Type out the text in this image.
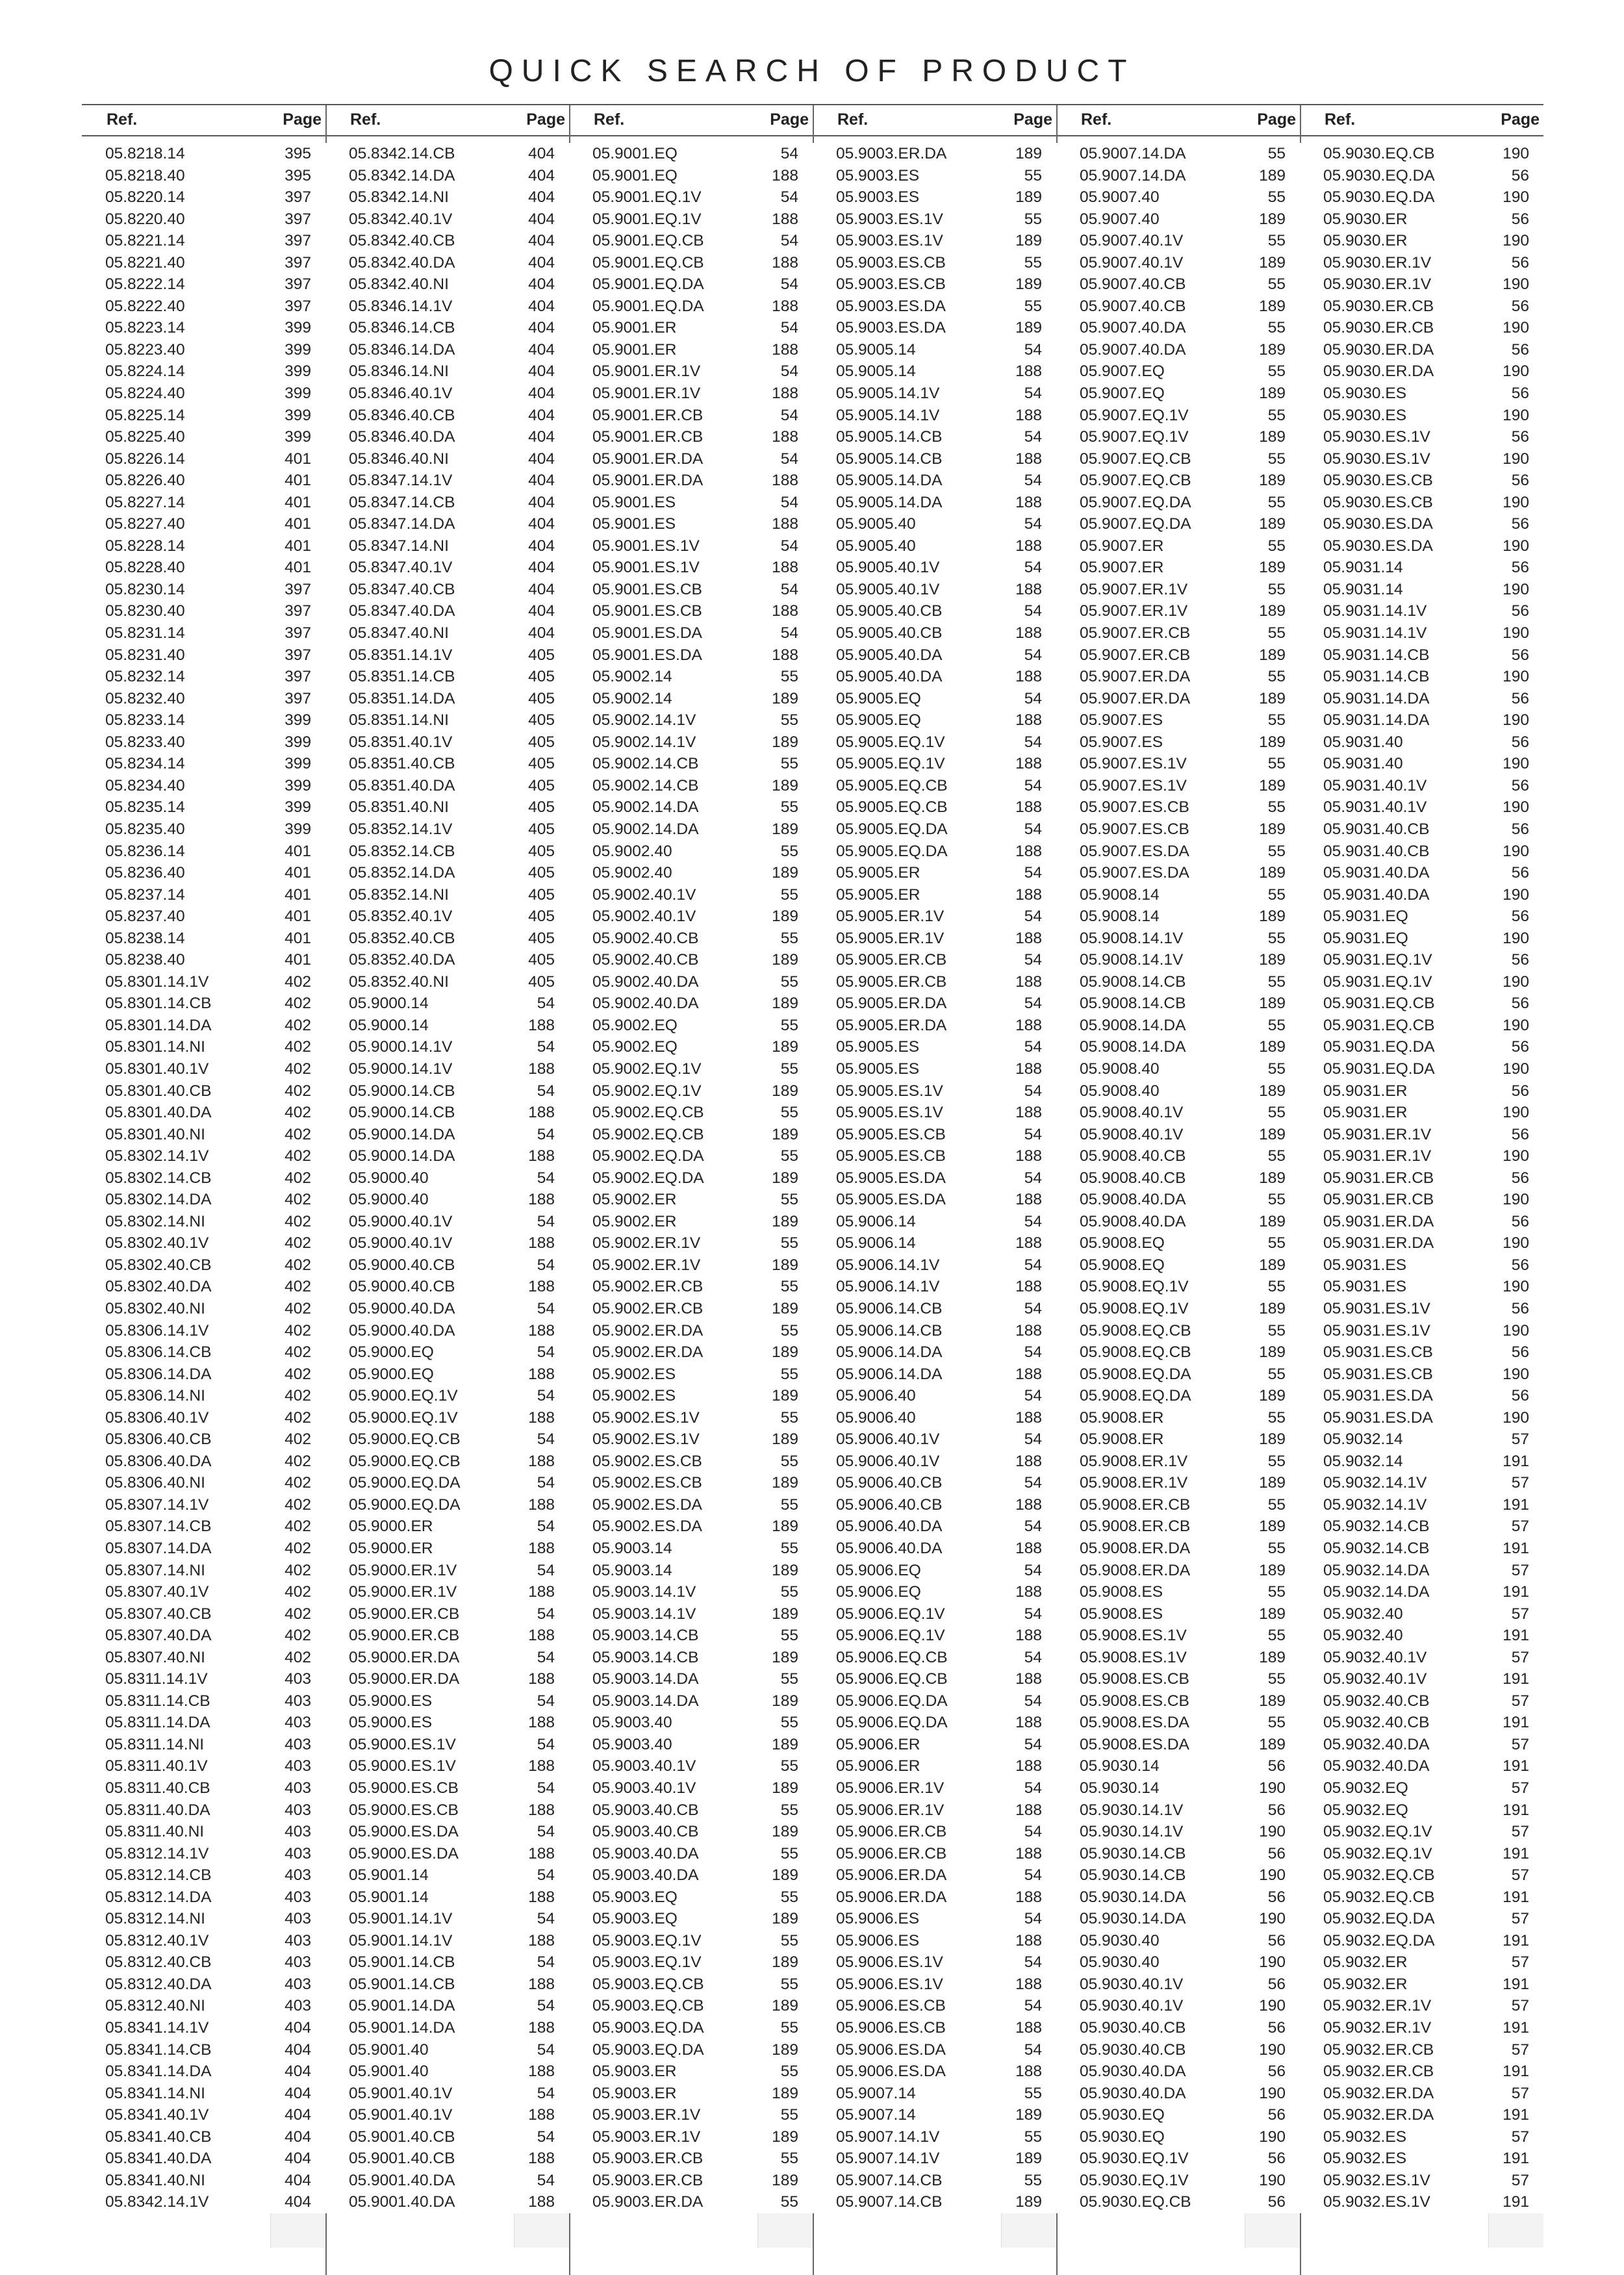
QUICK SEARCH OF PRODUCT
Ref.	Page
05.8218.14	395
05.8218.40	395
05.8220.14	397
05.8220.40	397
05.8221.14	397
05.8221.40	397
05.8222.14	397
05.8222.40	397
05.8223.14	399
05.8223.40	399
05.8224.14	399
05.8224.40	399
05.8225.14	399
05.8225.40	399
05.8226.14	401
05.8226.40	401
05.8227.14	401
05.8227.40	401
05.8228.14	401
05.8228.40	401
05.8230.14	397
05.8230.40	397
05.8231.14	397
05.8231.40	397
05.8232.14	397
05.8232.40	397
05.8233.14	399
05.8233.40	399
05.8234.14	399
05.8234.40	399
05.8235.14	399
05.8235.40	399
05.8236.14	401
05.8236.40	401
05.8237.14	401
05.8237.40	401
05.8238.14	401
05.8238.40	401
05.8301.14.1V	402
05.8301.14.CB	402
05.8301.14.DA	402
05.8301.14.NI	402
05.8301.40.1V	402
05.8301.40.CB	402
05.8301.40.DA	402
05.8301.40.NI	402
05.8302.14.1V	402
05.8302.14.CB	402
05.8302.14.DA	402
05.8302.14.NI	402
05.8302.40.1V	402
05.8302.40.CB	402
05.8302.40.DA	402
05.8302.40.NI	402
05.8306.14.1V	402
05.8306.14.CB	402
05.8306.14.DA	402
05.8306.14.NI	402
05.8306.40.1V	402
05.8306.40.CB	402
05.8306.40.DA	402
05.8306.40.NI	402
05.8307.14.1V	402
05.8307.14.CB	402
05.8307.14.DA	402
05.8307.14.NI	402
05.8307.40.1V	402
05.8307.40.CB	402
05.8307.40.DA	402
05.8307.40.NI	402
05.8311.14.1V	403
05.8311.14.CB	403
05.8311.14.DA	403
05.8311.14.NI	403
05.8311.40.1V	403
05.8311.40.CB	403
05.8311.40.DA	403
05.8311.40.NI	403
05.8312.14.1V	403
05.8312.14.CB	403
05.8312.14.DA	403
05.8312.14.NI	403
05.8312.40.1V	403
05.8312.40.CB	403
05.8312.40.DA	403
05.8312.40.NI	403
05.8341.14.1V	404
05.8341.14.CB	404
05.8341.14.DA	404
05.8341.14.NI	404
05.8341.40.1V	404
05.8341.40.CB	404
05.8341.40.DA	404
05.8341.40.NI	404
05.8342.14.1V	404
Ref.	Page
05.8342.14.CB	404
05.8342.14.DA	404
05.8342.14.NI	404
05.8342.40.1V	404
05.8342.40.CB	404
05.8342.40.DA	404
05.8342.40.NI	404
05.8346.14.1V	404
05.8346.14.CB	404
05.8346.14.DA	404
05.8346.14.NI	404
05.8346.40.1V	404
05.8346.40.CB	404
05.8346.40.DA	404
05.8346.40.NI	404
05.8347.14.1V	404
05.8347.14.CB	404
05.8347.14.DA	404
05.8347.14.NI	404
05.8347.40.1V	404
05.8347.40.CB	404
05.8347.40.DA	404
05.8347.40.NI	404
05.8351.14.1V	405
05.8351.14.CB	405
05.8351.14.DA	405
05.8351.14.NI	405
05.8351.40.1V	405
05.8351.40.CB	405
05.8351.40.DA	405
05.8351.40.NI	405
05.8352.14.1V	405
05.8352.14.CB	405
05.8352.14.DA	405
05.8352.14.NI	405
05.8352.40.1V	405
05.8352.40.CB	405
05.8352.40.DA	405
05.8352.40.NI	405
05.9000.14	54
05.9000.14	188
05.9000.14.1V	54
05.9000.14.1V	188
05.9000.14.CB	54
05.9000.14.CB	188
05.9000.14.DA	54
05.9000.14.DA	188
05.9000.40	54
05.9000.40	188
05.9000.40.1V	54
05.9000.40.1V	188
05.9000.40.CB	54
05.9000.40.CB	188
05.9000.40.DA	54
05.9000.40.DA	188
05.9000.EQ	54
05.9000.EQ	188
05.9000.EQ.1V	54
05.9000.EQ.1V	188
05.9000.EQ.CB	54
05.9000.EQ.CB	188
05.9000.EQ.DA	54
05.9000.EQ.DA	188
05.9000.ER	54
05.9000.ER	188
05.9000.ER.1V	54
05.9000.ER.1V	188
05.9000.ER.CB	54
05.9000.ER.CB	188
05.9000.ER.DA	54
05.9000.ER.DA	188
05.9000.ES	54
05.9000.ES	188
05.9000.ES.1V	54
05.9000.ES.1V	188
05.9000.ES.CB	54
05.9000.ES.CB	188
05.9000.ES.DA	54
05.9000.ES.DA	188
05.9001.14	54
05.9001.14	188
05.9001.14.1V	54
05.9001.14.1V	188
05.9001.14.CB	54
05.9001.14.CB	188
05.9001.14.DA	54
05.9001.14.DA	188
05.9001.40	54
05.9001.40	188
05.9001.40.1V	54
05.9001.40.1V	188
05.9001.40.CB	54
05.9001.40.CB	188
05.9001.40.DA	54
05.9001.40.DA	188
Ref.	Page
05.9001.EQ	54
05.9001.EQ	188
05.9001.EQ.1V	54
05.9001.EQ.1V	188
05.9001.EQ.CB	54
05.9001.EQ.CB	188
05.9001.EQ.DA	54
05.9001.EQ.DA	188
05.9001.ER	54
05.9001.ER	188
05.9001.ER.1V	54
05.9001.ER.1V	188
05.9001.ER.CB	54
05.9001.ER.CB	188
05.9001.ER.DA	54
05.9001.ER.DA	188
05.9001.ES	54
05.9001.ES	188
05.9001.ES.1V	54
05.9001.ES.1V	188
05.9001.ES.CB	54
05.9001.ES.CB	188
05.9001.ES.DA	54
05.9001.ES.DA	188
05.9002.14	55
05.9002.14	189
05.9002.14.1V	55
05.9002.14.1V	189
05.9002.14.CB	55
05.9002.14.CB	189
05.9002.14.DA	55
05.9002.14.DA	189
05.9002.40	55
05.9002.40	189
05.9002.40.1V	55
05.9002.40.1V	189
05.9002.40.CB	55
05.9002.40.CB	189
05.9002.40.DA	55
05.9002.40.DA	189
05.9002.EQ	55
05.9002.EQ	189
05.9002.EQ.1V	55
05.9002.EQ.1V	189
05.9002.EQ.CB	55
05.9002.EQ.CB	189
05.9002.EQ.DA	55
05.9002.EQ.DA	189
05.9002.ER	55
05.9002.ER	189
05.9002.ER.1V	55
05.9002.ER.1V	189
05.9002.ER.CB	55
05.9002.ER.CB	189
05.9002.ER.DA	55
05.9002.ER.DA	189
05.9002.ES	55
05.9002.ES	189
05.9002.ES.1V	55
05.9002.ES.1V	189
05.9002.ES.CB	55
05.9002.ES.CB	189
05.9002.ES.DA	55
05.9002.ES.DA	189
05.9003.14	55
05.9003.14	189
05.9003.14.1V	55
05.9003.14.1V	189
05.9003.14.CB	55
05.9003.14.CB	189
05.9003.14.DA	55
05.9003.14.DA	189
05.9003.40	55
05.9003.40	189
05.9003.40.1V	55
05.9003.40.1V	189
05.9003.40.CB	55
05.9003.40.CB	189
05.9003.40.DA	55
05.9003.40.DA	189
05.9003.EQ	55
05.9003.EQ	189
05.9003.EQ.1V	55
05.9003.EQ.1V	189
05.9003.EQ.CB	55
05.9003.EQ.CB	189
05.9003.EQ.DA	55
05.9003.EQ.DA	189
05.9003.ER	55
05.9003.ER	189
05.9003.ER.1V	55
05.9003.ER.1V	189
05.9003.ER.CB	55
05.9003.ER.CB	189
05.9003.ER.DA	55
Ref.	Page
05.9003.ER.DA	189
05.9003.ES	55
05.9003.ES	189
05.9003.ES.1V	55
05.9003.ES.1V	189
05.9003.ES.CB	55
05.9003.ES.CB	189
05.9003.ES.DA	55
05.9003.ES.DA	189
05.9005.14	54
05.9005.14	188
05.9005.14.1V	54
05.9005.14.1V	188
05.9005.14.CB	54
05.9005.14.CB	188
05.9005.14.DA	54
05.9005.14.DA	188
05.9005.40	54
05.9005.40	188
05.9005.40.1V	54
05.9005.40.1V	188
05.9005.40.CB	54
05.9005.40.CB	188
05.9005.40.DA	54
05.9005.40.DA	188
05.9005.EQ	54
05.9005.EQ	188
05.9005.EQ.1V	54
05.9005.EQ.1V	188
05.9005.EQ.CB	54
05.9005.EQ.CB	188
05.9005.EQ.DA	54
05.9005.EQ.DA	188
05.9005.ER	54
05.9005.ER	188
05.9005.ER.1V	54
05.9005.ER.1V	188
05.9005.ER.CB	54
05.9005.ER.CB	188
05.9005.ER.DA	54
05.9005.ER.DA	188
05.9005.ES	54
05.9005.ES	188
05.9005.ES.1V	54
05.9005.ES.1V	188
05.9005.ES.CB	54
05.9005.ES.CB	188
05.9005.ES.DA	54
05.9005.ES.DA	188
05.9006.14	54
05.9006.14	188
05.9006.14.1V	54
05.9006.14.1V	188
05.9006.14.CB	54
05.9006.14.CB	188
05.9006.14.DA	54
05.9006.14.DA	188
05.9006.40	54
05.9006.40	188
05.9006.40.1V	54
05.9006.40.1V	188
05.9006.40.CB	54
05.9006.40.CB	188
05.9006.40.DA	54
05.9006.40.DA	188
05.9006.EQ	54
05.9006.EQ	188
05.9006.EQ.1V	54
05.9006.EQ.1V	188
05.9006.EQ.CB	54
05.9006.EQ.CB	188
05.9006.EQ.DA	54
05.9006.EQ.DA	188
05.9006.ER	54
05.9006.ER	188
05.9006.ER.1V	54
05.9006.ER.1V	188
05.9006.ER.CB	54
05.9006.ER.CB	188
05.9006.ER.DA	54
05.9006.ER.DA	188
05.9006.ES	54
05.9006.ES	188
05.9006.ES.1V	54
05.9006.ES.1V	188
05.9006.ES.CB	54
05.9006.ES.CB	188
05.9006.ES.DA	54
05.9006.ES.DA	188
05.9007.14	55
05.9007.14	189
05.9007.14.1V	55
05.9007.14.1V	189
05.9007.14.CB	55
05.9007.14.CB	189
Ref.	Page
05.9007.14.DA	55
05.9007.14.DA	189
05.9007.40	55
05.9007.40	189
05.9007.40.1V	55
05.9007.40.1V	189
05.9007.40.CB	55
05.9007.40.CB	189
05.9007.40.DA	55
05.9007.40.DA	189
05.9007.EQ	55
05.9007.EQ	189
05.9007.EQ.1V	55
05.9007.EQ.1V	189
05.9007.EQ.CB	55
05.9007.EQ.CB	189
05.9007.EQ.DA	55
05.9007.EQ.DA	189
05.9007.ER	55
05.9007.ER	189
05.9007.ER.1V	55
05.9007.ER.1V	189
05.9007.ER.CB	55
05.9007.ER.CB	189
05.9007.ER.DA	55
05.9007.ER.DA	189
05.9007.ES	55
05.9007.ES	189
05.9007.ES.1V	55
05.9007.ES.1V	189
05.9007.ES.CB	55
05.9007.ES.CB	189
05.9007.ES.DA	55
05.9007.ES.DA	189
05.9008.14	55
05.9008.14	189
05.9008.14.1V	55
05.9008.14.1V	189
05.9008.14.CB	55
05.9008.14.CB	189
05.9008.14.DA	55
05.9008.14.DA	189
05.9008.40	55
05.9008.40	189
05.9008.40.1V	55
05.9008.40.1V	189
05.9008.40.CB	55
05.9008.40.CB	189
05.9008.40.DA	55
05.9008.40.DA	189
05.9008.EQ	55
05.9008.EQ	189
05.9008.EQ.1V	55
05.9008.EQ.1V	189
05.9008.EQ.CB	55
05.9008.EQ.CB	189
05.9008.EQ.DA	55
05.9008.EQ.DA	189
05.9008.ER	55
05.9008.ER	189
05.9008.ER.1V	55
05.9008.ER.1V	189
05.9008.ER.CB	55
05.9008.ER.CB	189
05.9008.ER.DA	55
05.9008.ER.DA	189
05.9008.ES	55
05.9008.ES	189
05.9008.ES.1V	55
05.9008.ES.1V	189
05.9008.ES.CB	55
05.9008.ES.CB	189
05.9008.ES.DA	55
05.9008.ES.DA	189
05.9030.14	56
05.9030.14	190
05.9030.14.1V	56
05.9030.14.1V	190
05.9030.14.CB	56
05.9030.14.CB	190
05.9030.14.DA	56
05.9030.14.DA	190
05.9030.40	56
05.9030.40	190
05.9030.40.1V	56
05.9030.40.1V	190
05.9030.40.CB	56
05.9030.40.CB	190
05.9030.40.DA	56
05.9030.40.DA	190
05.9030.EQ	56
05.9030.EQ	190
05.9030.EQ.1V	56
05.9030.EQ.1V	190
05.9030.EQ.CB	56
Ref.	Page
05.9030.EQ.CB	190
05.9030.EQ.DA	56
05.9030.EQ.DA	190
05.9030.ER	56
05.9030.ER	190
05.9030.ER.1V	56
05.9030.ER.1V	190
05.9030.ER.CB	56
05.9030.ER.CB	190
05.9030.ER.DA	56
05.9030.ER.DA	190
05.9030.ES	56
05.9030.ES	190
05.9030.ES.1V	56
05.9030.ES.1V	190
05.9030.ES.CB	56
05.9030.ES.CB	190
05.9030.ES.DA	56
05.9030.ES.DA	190
05.9031.14	56
05.9031.14	190
05.9031.14.1V	56
05.9031.14.1V	190
05.9031.14.CB	56
05.9031.14.CB	190
05.9031.14.DA	56
05.9031.14.DA	190
05.9031.40	56
05.9031.40	190
05.9031.40.1V	56
05.9031.40.1V	190
05.9031.40.CB	56
05.9031.40.CB	190
05.9031.40.DA	56
05.9031.40.DA	190
05.9031.EQ	56
05.9031.EQ	190
05.9031.EQ.1V	56
05.9031.EQ.1V	190
05.9031.EQ.CB	56
05.9031.EQ.CB	190
05.9031.EQ.DA	56
05.9031.EQ.DA	190
05.9031.ER	56
05.9031.ER	190
05.9031.ER.1V	56
05.9031.ER.1V	190
05.9031.ER.CB	56
05.9031.ER.CB	190
05.9031.ER.DA	56
05.9031.ER.DA	190
05.9031.ES	56
05.9031.ES	190
05.9031.ES.1V	56
05.9031.ES.1V	190
05.9031.ES.CB	56
05.9031.ES.CB	190
05.9031.ES.DA	56
05.9031.ES.DA	190
05.9032.14	57
05.9032.14	191
05.9032.14.1V	57
05.9032.14.1V	191
05.9032.14.CB	57
05.9032.14.CB	191
05.9032.14.DA	57
05.9032.14.DA	191
05.9032.40	57
05.9032.40	191
05.9032.40.1V	57
05.9032.40.1V	191
05.9032.40.CB	57
05.9032.40.CB	191
05.9032.40.DA	57
05.9032.40.DA	191
05.9032.EQ	57
05.9032.EQ	191
05.9032.EQ.1V	57
05.9032.EQ.1V	191
05.9032.EQ.CB	57
05.9032.EQ.CB	191
05.9032.EQ.DA	57
05.9032.EQ.DA	191
05.9032.ER	57
05.9032.ER	191
05.9032.ER.1V	57
05.9032.ER.1V	191
05.9032.ER.CB	57
05.9032.ER.CB	191
05.9032.ER.DA	57
05.9032.ER.DA	191
05.9032.ES	57
05.9032.ES	191
05.9032.ES.1V	57
05.9032.ES.1V	191
